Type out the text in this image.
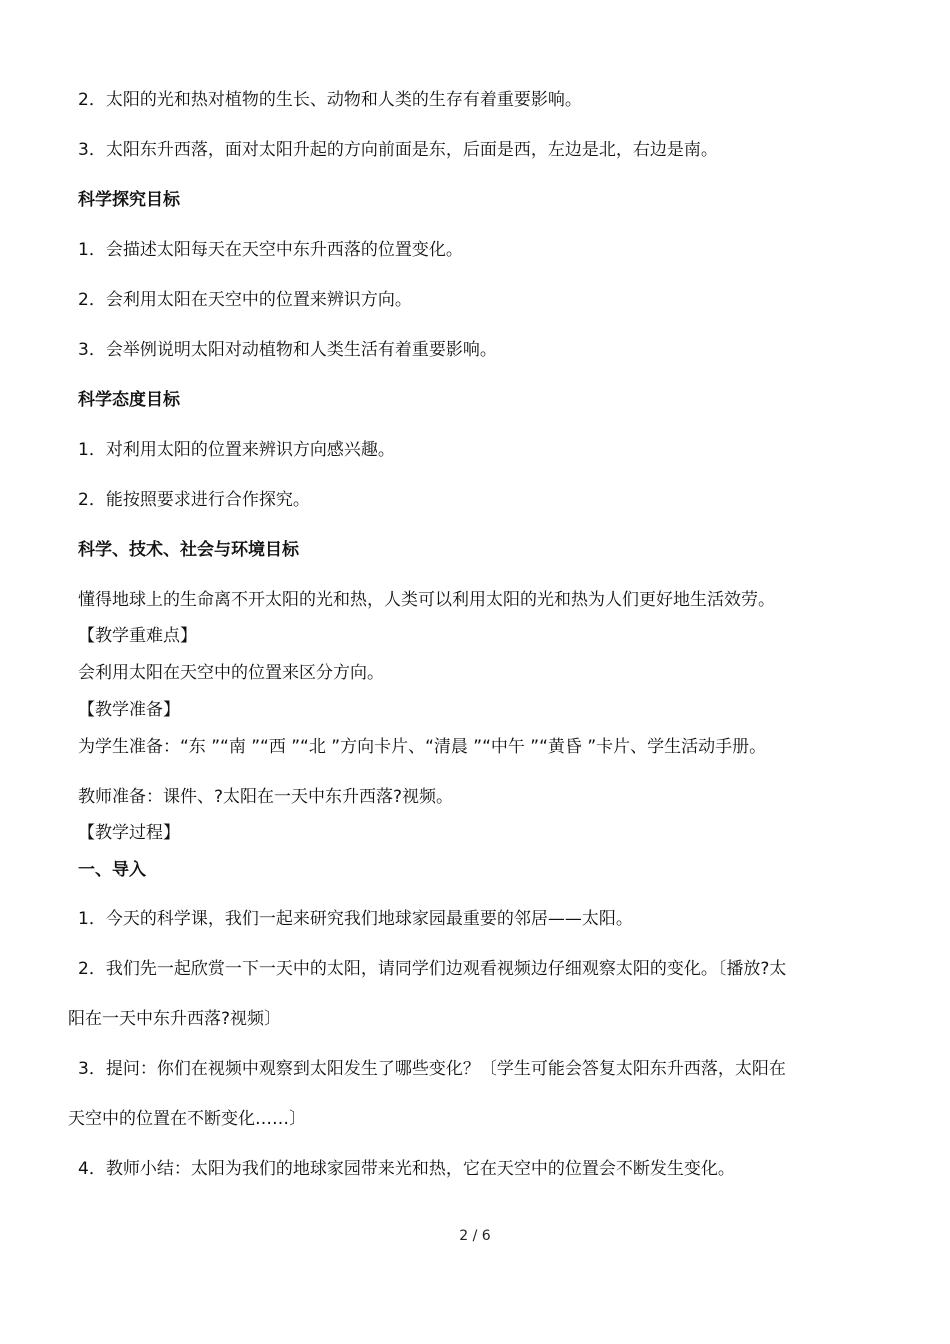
2．太阳的光和热对植物的生长、动物和人类的生存有着重要影响。
3．太阳东升西落，面对太阳升起的方向前面是东，后面是西，左边是北，右边是南。
科学探究目标
1．会描述太阳每天在天空中东升西落的位置变化。
2．会利用太阳在天空中的位置来辨识方向。
3．会举例说明太阳对动植物和人类生活有着重要影响。
科学态度目标
1．对利用太阳的位置来辨识方向感兴趣。
2．能按照要求进行合作探究。
科学、技术、社会与环境目标
懂得地球上的生命离不开太阳的光和热，人类可以利用太阳的光和热为人们更好地生活效劳。
【教学重难点】
会利用太阳在天空中的位置来区分方向。
【教学准备】
为学生准备：“东 ”“南 ”“西 ”“北 ”方向卡片、“清晨 ”“中午 ”“黄昏 ”卡片、学生活动手册。
教师准备：课件、?太阳在一天中东升西落?视频。
【教学过程】
一、导入
1．今天的科学课，我们一起来研究我们地球家园最重要的邻居——太阳。
2．我们先一起欣赏一下一天中的太阳，请同学们边观看视频边仔细观察太阳的变化。〔播放?太
阳在一天中东升西落?视频〕
3．提问：你们在视频中观察到太阳发生了哪些变化？〔学生可能会答复太阳东升西落，太阳在
天空中的位置在不断变化……〕
4．教师小结：太阳为我们的地球家园带来光和热，它在天空中的位置会不断发生变化。
2 / 6
